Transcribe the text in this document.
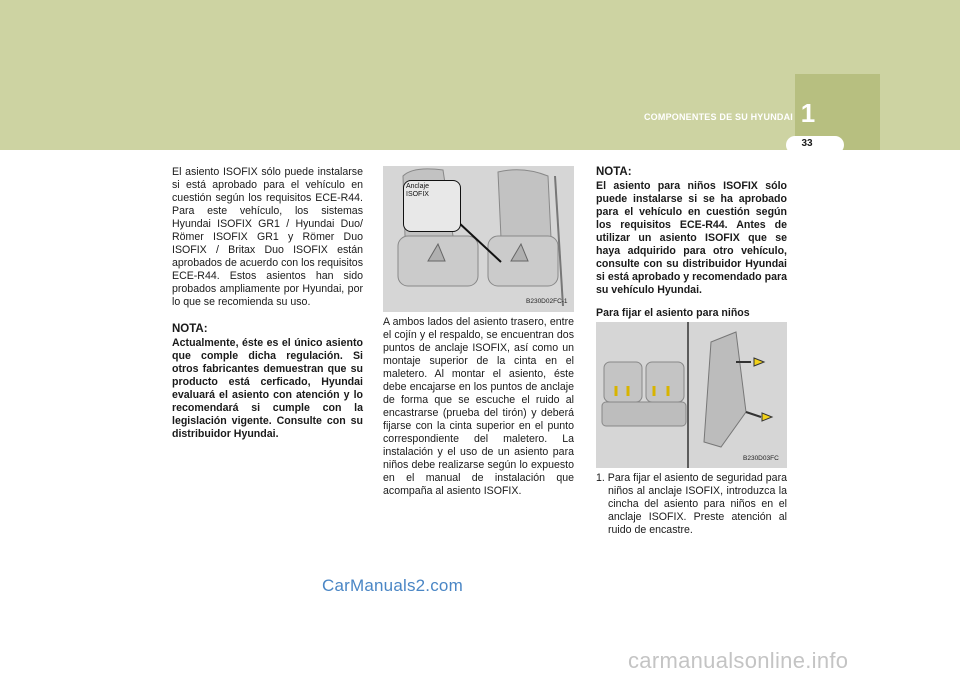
COMPONENTES DE SU HYUNDAI 1
33

El asiento ISOFIX sólo puede instalarse si está aprobado para el vehículo en cuestión según los requisitos ECE-R44. Para este vehículo, los sistemas Hyundai ISOFIX GR1 / Hyundai Duo/ Römer ISOFIX GR1 y Römer Duo ISOFIX / Britax Duo ISOFIX están aprobados de acuerdo con los requisitos ECE-R44. Estos asientos han sido probados ampliamente por Hyundai, por lo que se recomienda su uso.

NOTA:

Actualmente, éste es el único asiento que comple dicha regulación. Si otros fabricantes demuestran que su producto está cerficado, Hyundai evaluará el asiento con atención y lo recomendará si cumple con la legislación vigente. Consulte con su distribuidor Hyundai.

Anclaje
ISOFIX
B230D02FC-1

A ambos lados del asiento trasero, entre el cojín y el respaldo, se encuentran dos puntos de anclaje ISOFIX, así como un montaje superior de la cinta en el maletero. Al montar el asiento, éste debe encajarse en los puntos de anclaje de forma que se escuche el ruido al encastrarse (prueba del tirón) y deberá fijarse con la cinta superior en el punto correspondiente del maletero. La instalación y el uso de un asiento para niños debe realizarse según lo expuesto en el manual de instalación que acompaña al asiento ISOFIX.

NOTA:

El asiento para niños ISOFIX sólo puede instalarse si se ha aprobado para el vehículo en cuestión según los requisitos ECE-R44. Antes de utilizar un asiento ISOFIX que se haya adquirido para otro vehículo, consulte con su distribuidor Hyundai si está aprobado y recomendado para su vehículo Hyundai.

Para fijar el asiento para niños

B230D03FC

1. Para fijar el asiento de seguridad para niños al anclaje ISOFIX, introduzca la cincha del asiento para niños en el anclaje ISOFIX. Preste atención al ruido de encastre.

CarManuals2.com
carmanualsonline.info
